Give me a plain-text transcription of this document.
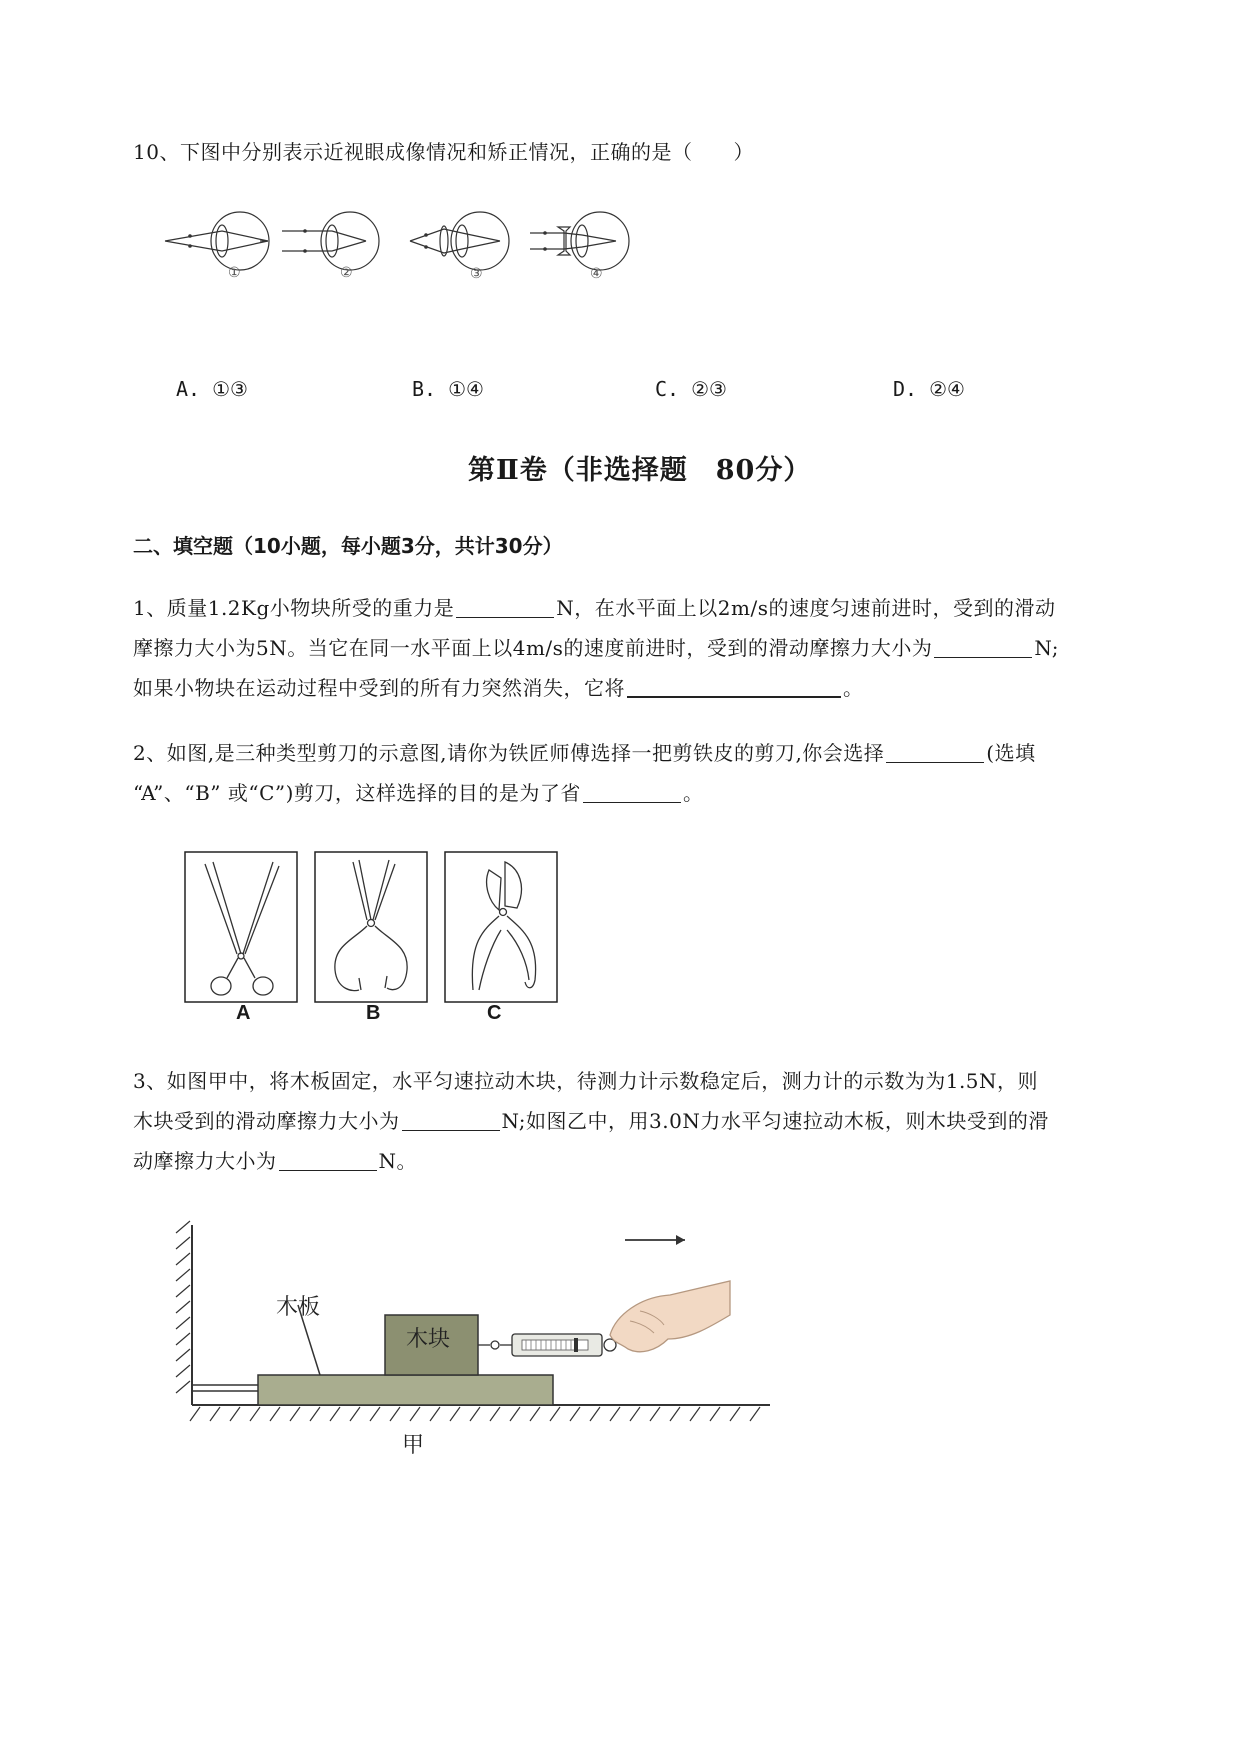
10、下图中分别表示近视眼成像情况和矫正情况，正确的是（　　）
①	②	③	④
A. ①③	B. ①④	C. ②③	D. ②④
第Ⅱ卷（非选择题　80分）
二、填空题（10小题，每小题3分，共计30分）
1、质量1.2Kg小物块所受的重力是	N，在水平面上以2m/s的速度匀速前进时，受到的滑动
摩擦力大小为5N。当它在同一水平面上以4m/s的速度前进时，受到的滑动摩擦力大小为	N;
如果小物块在运动过程中受到的所有力突然消失，它将	。
2、如图,是三种类型剪刀的示意图,请你为铁匠师傅选择一把剪铁皮的剪刀,你会选择	(选填
“A”、“B” 或“C”)剪刀，这样选择的目的是为了省	。
A	B	C
3、如图甲中，将木板固定，水平匀速拉动木块，待测力计示数稳定后，测力计的示数为为1.5N，则
木块受到的滑动摩擦力大小为	N;如图乙中，用3.0N力水平匀速拉动木板，则木块受到的滑
动摩擦力大小为	N。
木板
木块
甲
